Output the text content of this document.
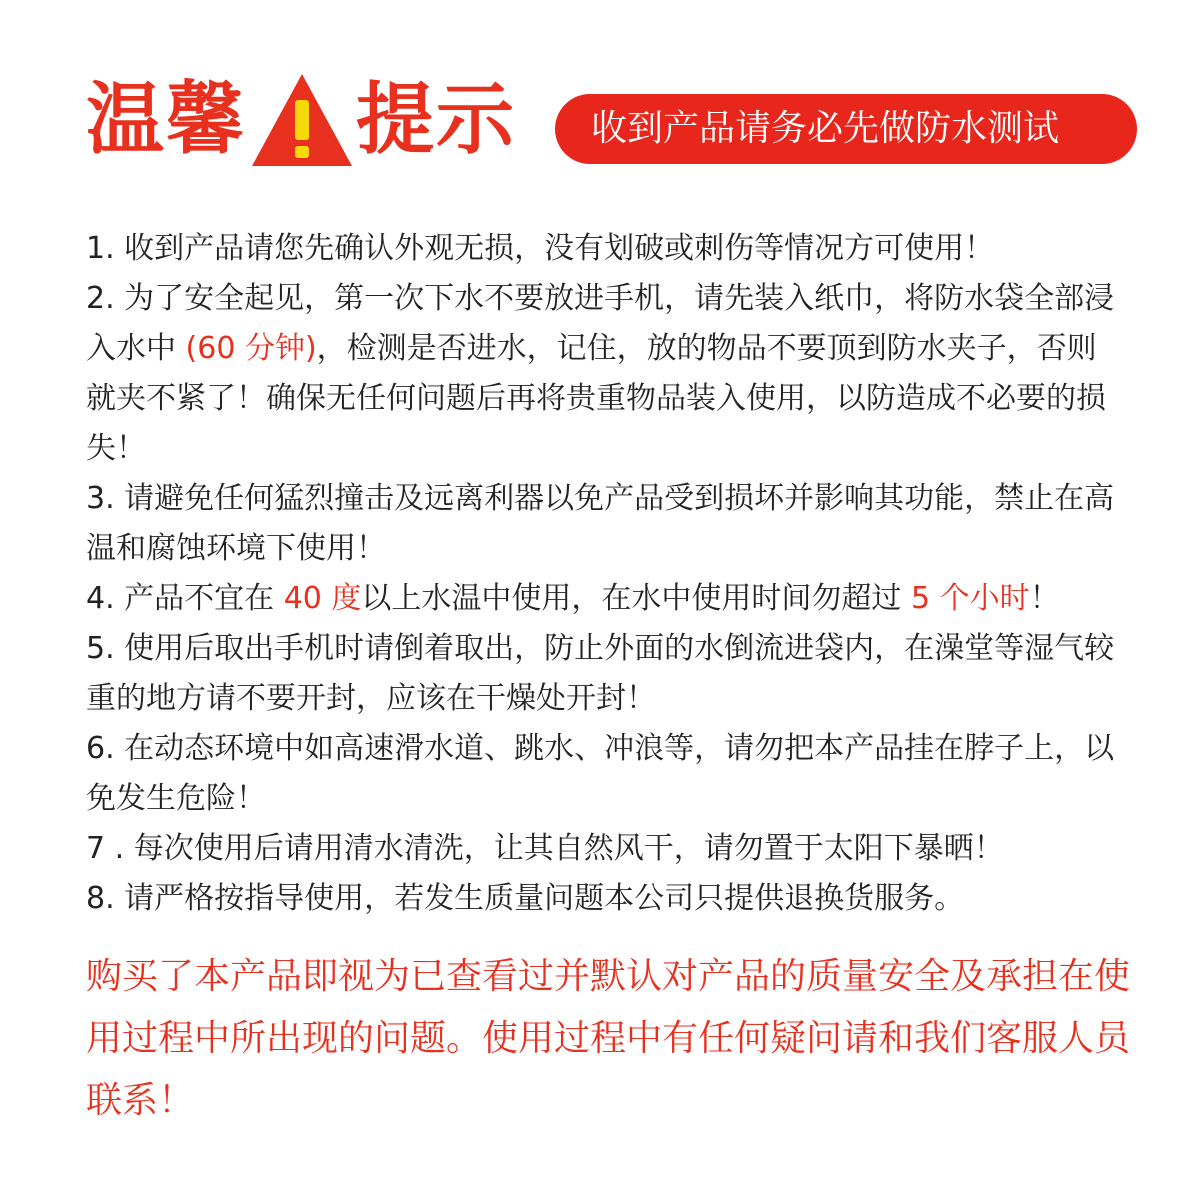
温馨 提示	收到产品请务必先做防水测试

1. 收到产品请您先确认外观无损，没有划破或刺伤等情况方可使用！

2. 为了安全起见，第一次下水不要放进手机，请先装入纸巾，将防水袋全部浸入水中 (60 分钟)，检测是否进水，记住，放的物品不要顶到防水夹子，否则就夹不紧了！确保无任何问题后再将贵重物品装入使用，以防造成不必要的损失！

3. 请避免任何猛烈撞击及远离利器以免产品受到损坏并影响其功能，禁止在高温和腐蚀环境下使用！

4. 产品不宜在 40 度以上水温中使用，在水中使用时间勿超过 5 个小时！

5. 使用后取出手机时请倒着取出，防止外面的水倒流进袋内，在澡堂等湿气较重的地方请不要开封，应该在干燥处开封！

6. 在动态环境中如高速滑水道、跳水、冲浪等，请勿把本产品挂在脖子上，以免发生危险！

7 . 每次使用后请用清水清洗，让其自然风干，请勿置于太阳下暴晒！

8. 请严格按指导使用，若发生质量问题本公司只提供退换货服务。

购买了本产品即视为已查看过并默认对产品的质量安全及承担在使用过程中所出现的问题。使用过程中有任何疑问请和我们客服人员联系！
